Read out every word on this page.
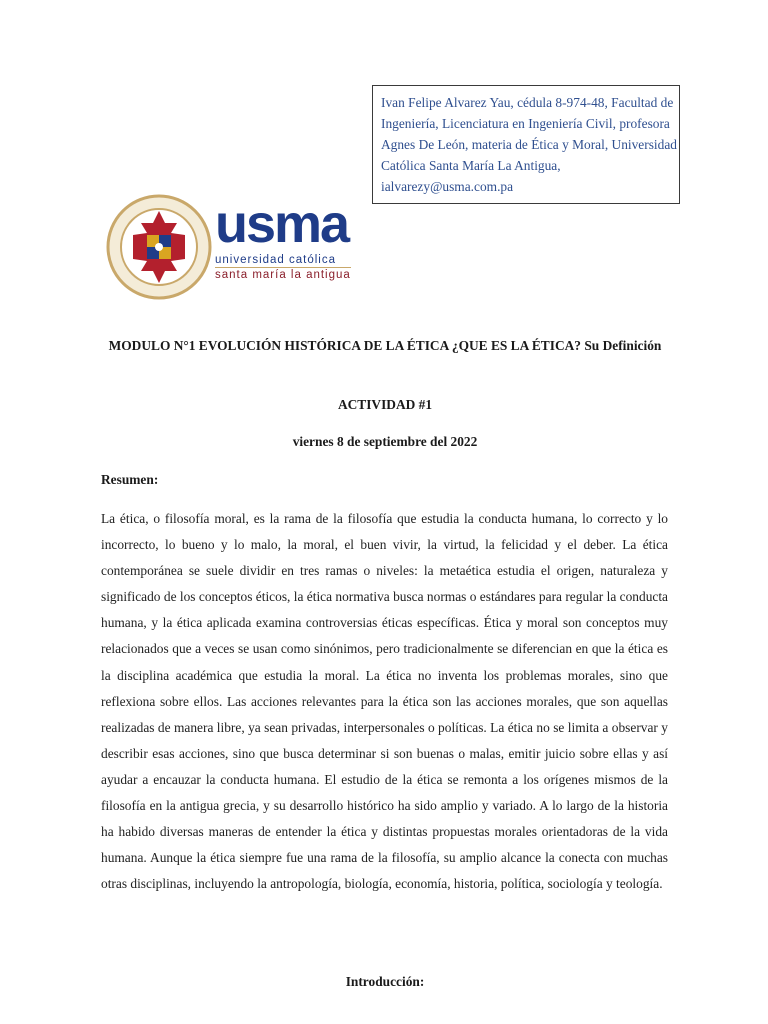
Ivan Felipe Alvarez Yau, cédula 8-974-48, Facultad de Ingeniería, Licenciatura en Ingeniería Civil, profesora Agnes De León, materia de Ética y Moral, Universidad Católica Santa María La Antigua, ialvarezy@usma.com.pa
usma
universidad católica
santa maría la antigua
MODULO N°1 EVOLUCIÓN HISTÓRICA DE LA ÉTICA ¿QUE ES LA ÉTICA? Su Definición
ACTIVIDAD #1
viernes 8 de septiembre del 2022
Resumen:
La ética, o filosofía moral, es la rama de la filosofía que estudia la conducta humana, lo correcto y lo incorrecto, lo bueno y lo malo, la moral, el buen vivir, la virtud, la felicidad y el deber. La ética contemporánea se suele dividir en tres ramas o niveles: la metaética estudia el origen, naturaleza y significado de los conceptos éticos, la ética normativa busca normas o estándares para regular la conducta humana, y la ética aplicada examina controversias éticas específicas. Ética y moral son conceptos muy relacionados que a veces se usan como sinónimos, pero tradicionalmente se diferencian en que la ética es la disciplina académica que estudia la moral. La ética no inventa los problemas morales, sino que reflexiona sobre ellos. Las acciones relevantes para la ética son las acciones morales, que son aquellas realizadas de manera libre, ya sean privadas, interpersonales o políticas. La ética no se limita a observar y describir esas acciones, sino que busca determinar si son buenas o malas, emitir juicio sobre ellas y así ayudar a encauzar la conducta humana. El estudio de la ética se remonta a los orígenes mismos de la filosofía en la antigua grecia, y su desarrollo histórico ha sido amplio y variado. A lo largo de la historia ha habido diversas maneras de entender la ética y distintas propuestas morales orientadoras de la vida humana. Aunque la ética siempre fue una rama de la filosofía, su amplio alcance la conecta con muchas otras disciplinas, incluyendo la antropología, biología, economía, historia, política, sociología y teología.
Introducción:
